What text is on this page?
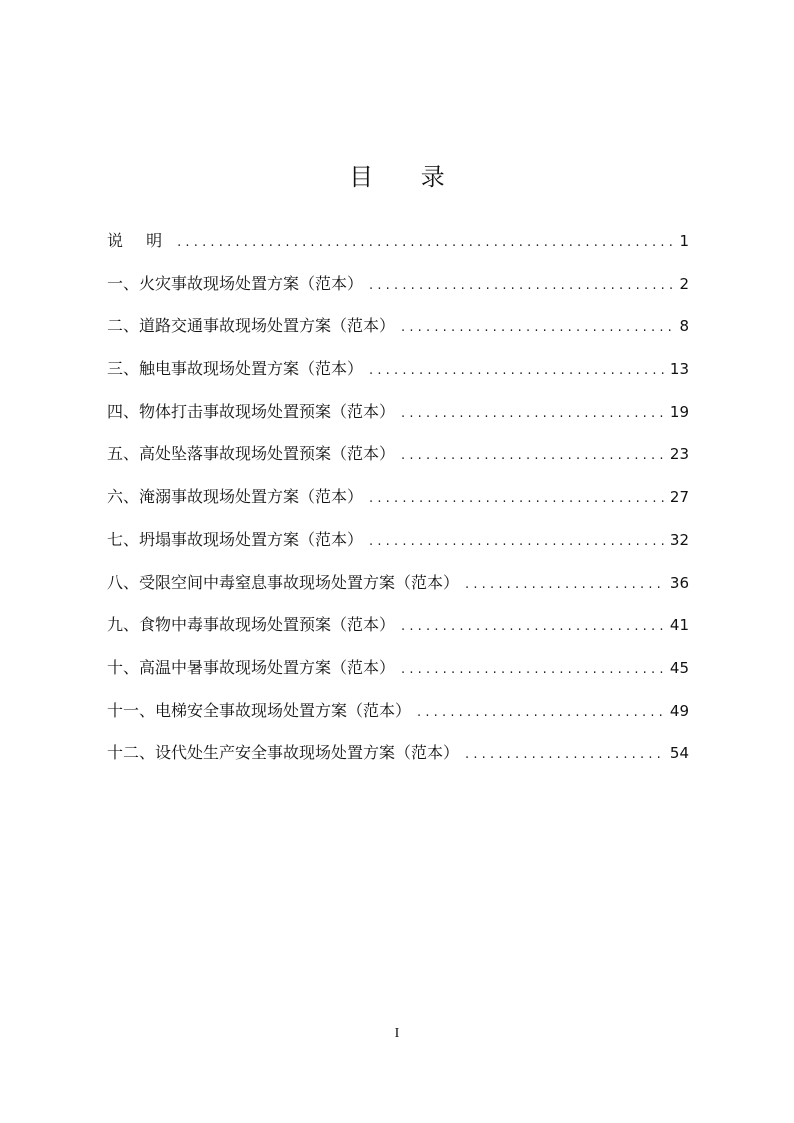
目 录
说 明 .....	1
一、火灾事故现场处置方案（范本） .....	2
二、道路交通事故现场处置方案（范本） .....	8
三、触电事故现场处置方案（范本） .....	13
四、物体打击事故现场处置预案（范本） .....	19
五、高处坠落事故现场处置预案（范本） .....	23
六、淹溺事故现场处置方案（范本） .....	27
七、坍塌事故现场处置方案（范本） .....	32
八、受限空间中毒窒息事故现场处置方案（范本） .....	36
九、食物中毒事故现场处置预案（范本） .....	41
十、高温中暑事故现场处置方案（范本） .....	45
十一、电梯安全事故现场处置方案（范本） .....	49
十二、设代处生产安全事故现场处置方案（范本） .....	54
I
